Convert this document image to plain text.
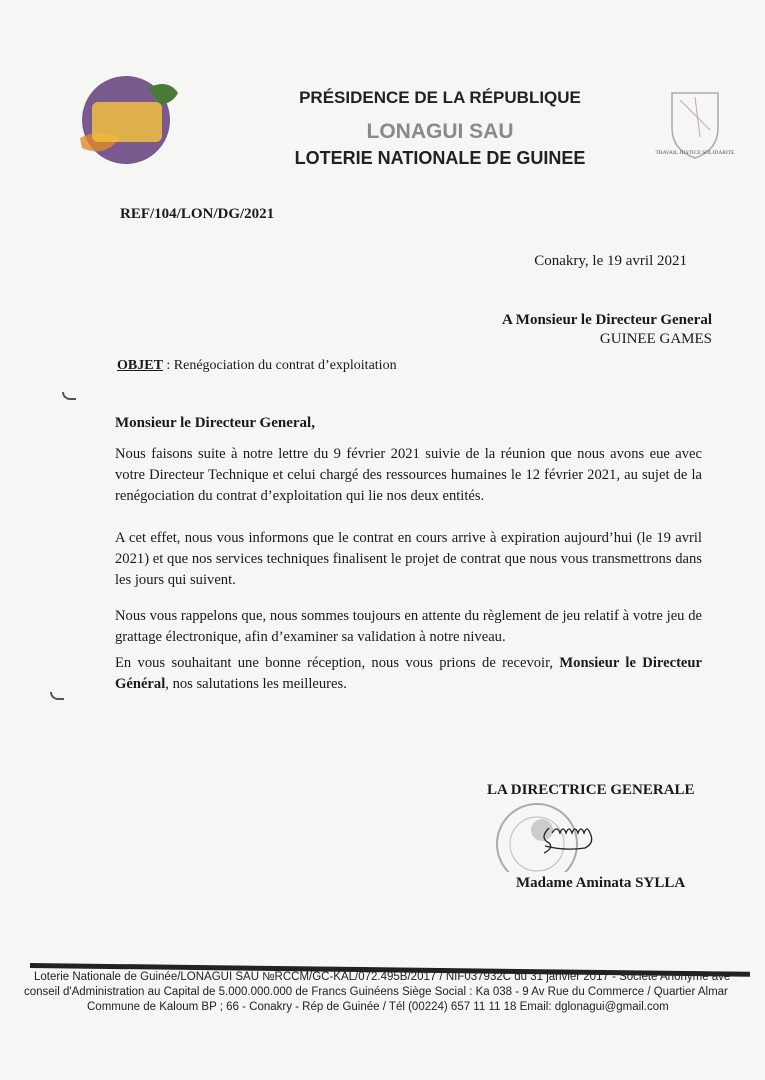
PRÉSIDENCE DE LA RÉPUBLIQUE
LONAGUI SAU
LOTERIE NATIONALE DE GUINEE	TRAVAIL JUSTICE SOLIDARITE
REF/104/LON/DG/2021
Conakry, le 19 avril 2021
A Monsieur le Directeur General
GUINEE GAMES
OBJET : Renégociation du contrat d’exploitation
Monsieur le Directeur General,
Nous faisons suite à notre lettre du 9 février 2021 suivie de la réunion que nous avons eue avec votre Directeur Technique et celui chargé des ressources humaines le 12 février 2021, au sujet de la renégociation du contrat d’exploitation qui lie nos deux entités.
A cet effet, nous vous informons que le contrat en cours arrive à expiration aujourd’hui (le 19 avril 2021) et que nos services techniques finalisent le projet de contrat que nous vous transmettrons dans les jours qui suivent.
Nous vous rappelons que, nous sommes toujours en attente du règlement de jeu relatif à votre jeu de grattage électronique, afin d’examiner sa validation à notre niveau.
En vous souhaitant une bonne réception, nous vous prions de recevoir, Monsieur le Directeur Général, nos salutations les meilleures.
LA DIRECTRICE GENERALE
Madame Aminata SYLLA
Loterie Nationale de Guinée/LONAGUI SAU №RCCM/GC-KAL/072.495B/2017 / NIF037932C du 31 janvier 2017 - Société Anonyme ave
conseil d'Administration au Capital de 5.000.000.000 de Francs Guinéens Siège Social : Ka 038 - 9 Av Rue du Commerce / Quartier Almar
Commune de Kaloum BP ; 66 - Conakry - Rép de Guinée / Tél (00224) 657 11 11 18 Email: dglonagui@gmail.com
